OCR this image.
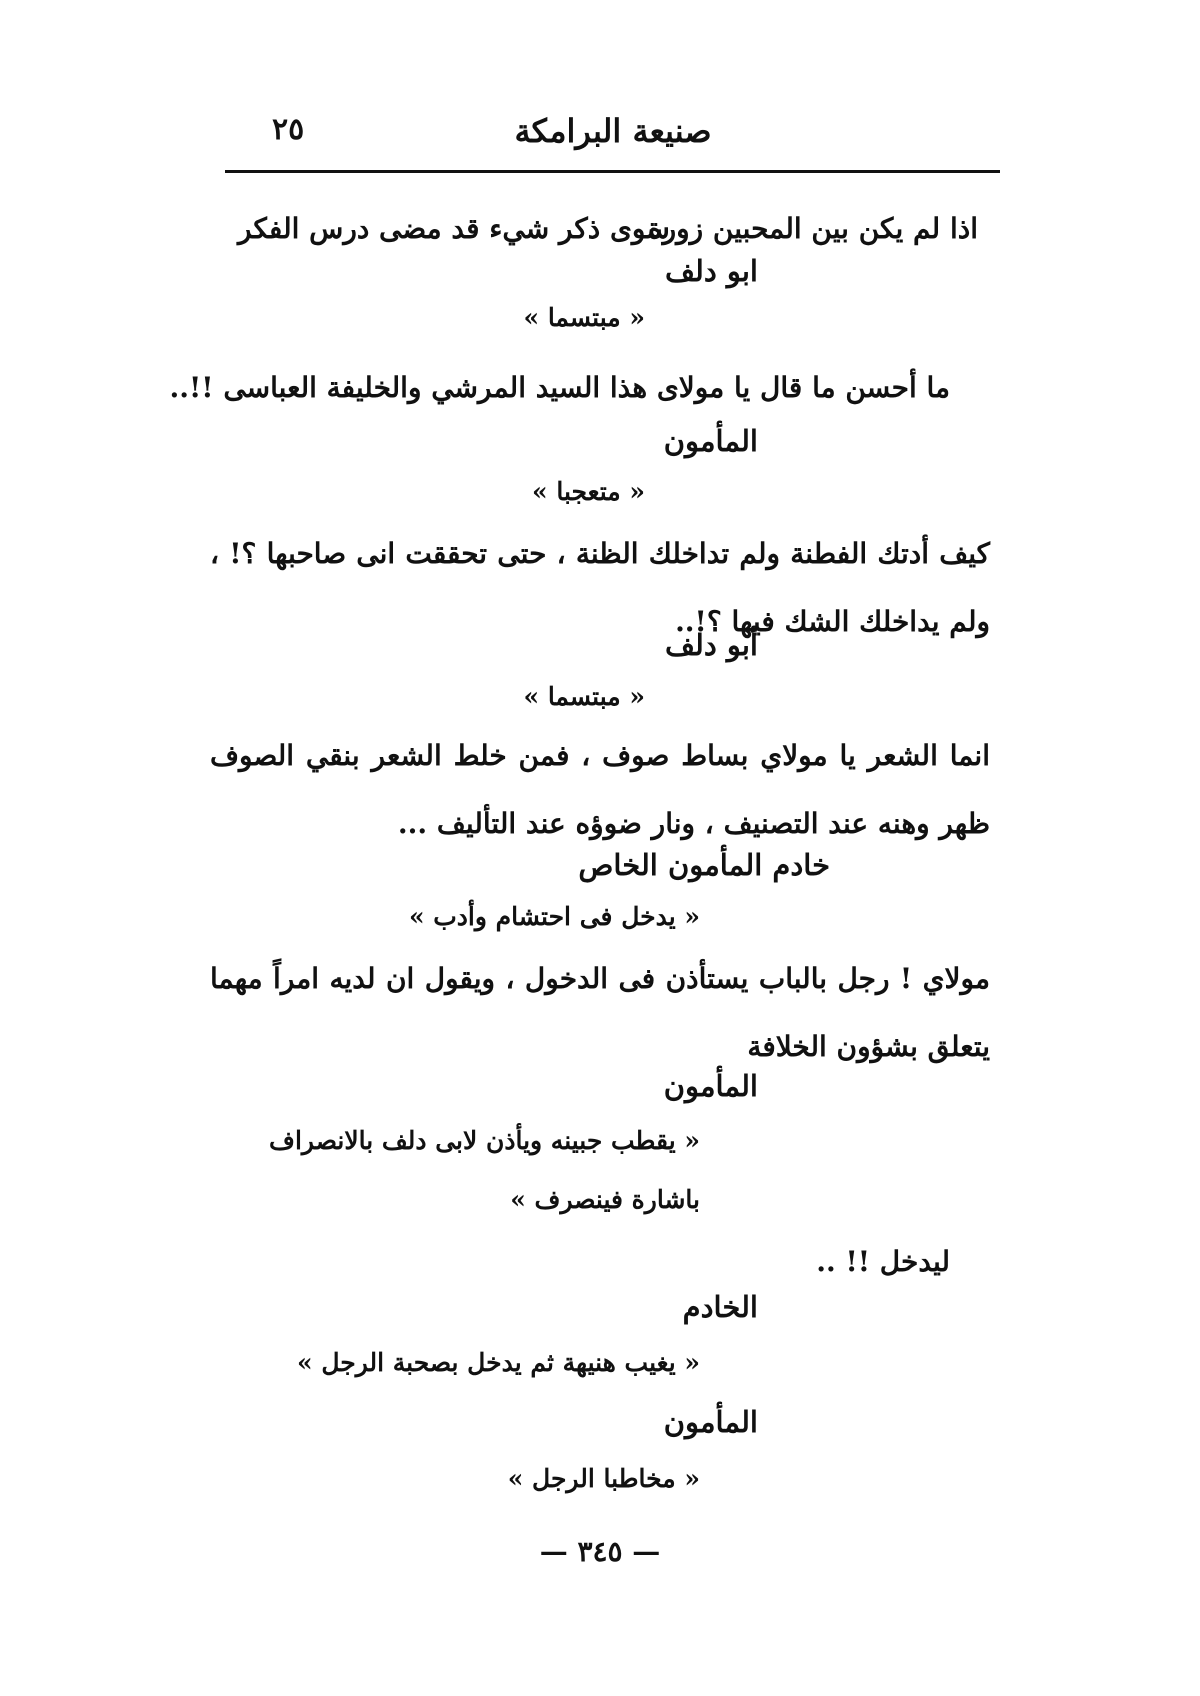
٢٥	صنيعة البرامكة
اذا لم يكن بين المحبين زورة
سوى ذكر شيء قد مضى درس الفكر
ابو دلف
« مبتسما »
ما أحسن ما قال يا مولاى هذا السيد المرشي والخليفة العباسى !!..
المأمون
« متعجبا »
كيف أدتك الفطنة ولم تداخلك الظنة ، حتى تحققت انى صاحبها ؟! ، ولم يداخلك الشك فيها ؟!..
أبو دلف
« مبتسما »
انما الشعر يا مولاي بساط صوف ، فمن خلط الشعر بنقي الصوف ظهر وهنه عند التصنيف ، ونار ضوؤه عند التأليف ...
خادم المأمون الخاص
« يدخل فى احتشام وأدب »
مولاي ! رجل بالباب يستأذن فى الدخول ، ويقول ان لديه امراً مهما يتعلق بشؤون الخلافة
المأمون
« يقطب جبينه ويأذن لابى دلف بالانصراف
باشارة فينصرف »
ليدخل !! ..
الخادم
« يغيب هنيهة ثم يدخل بصحبة الرجل »
المأمون
« مخاطبا الرجل »
— ٣٤٥ —
